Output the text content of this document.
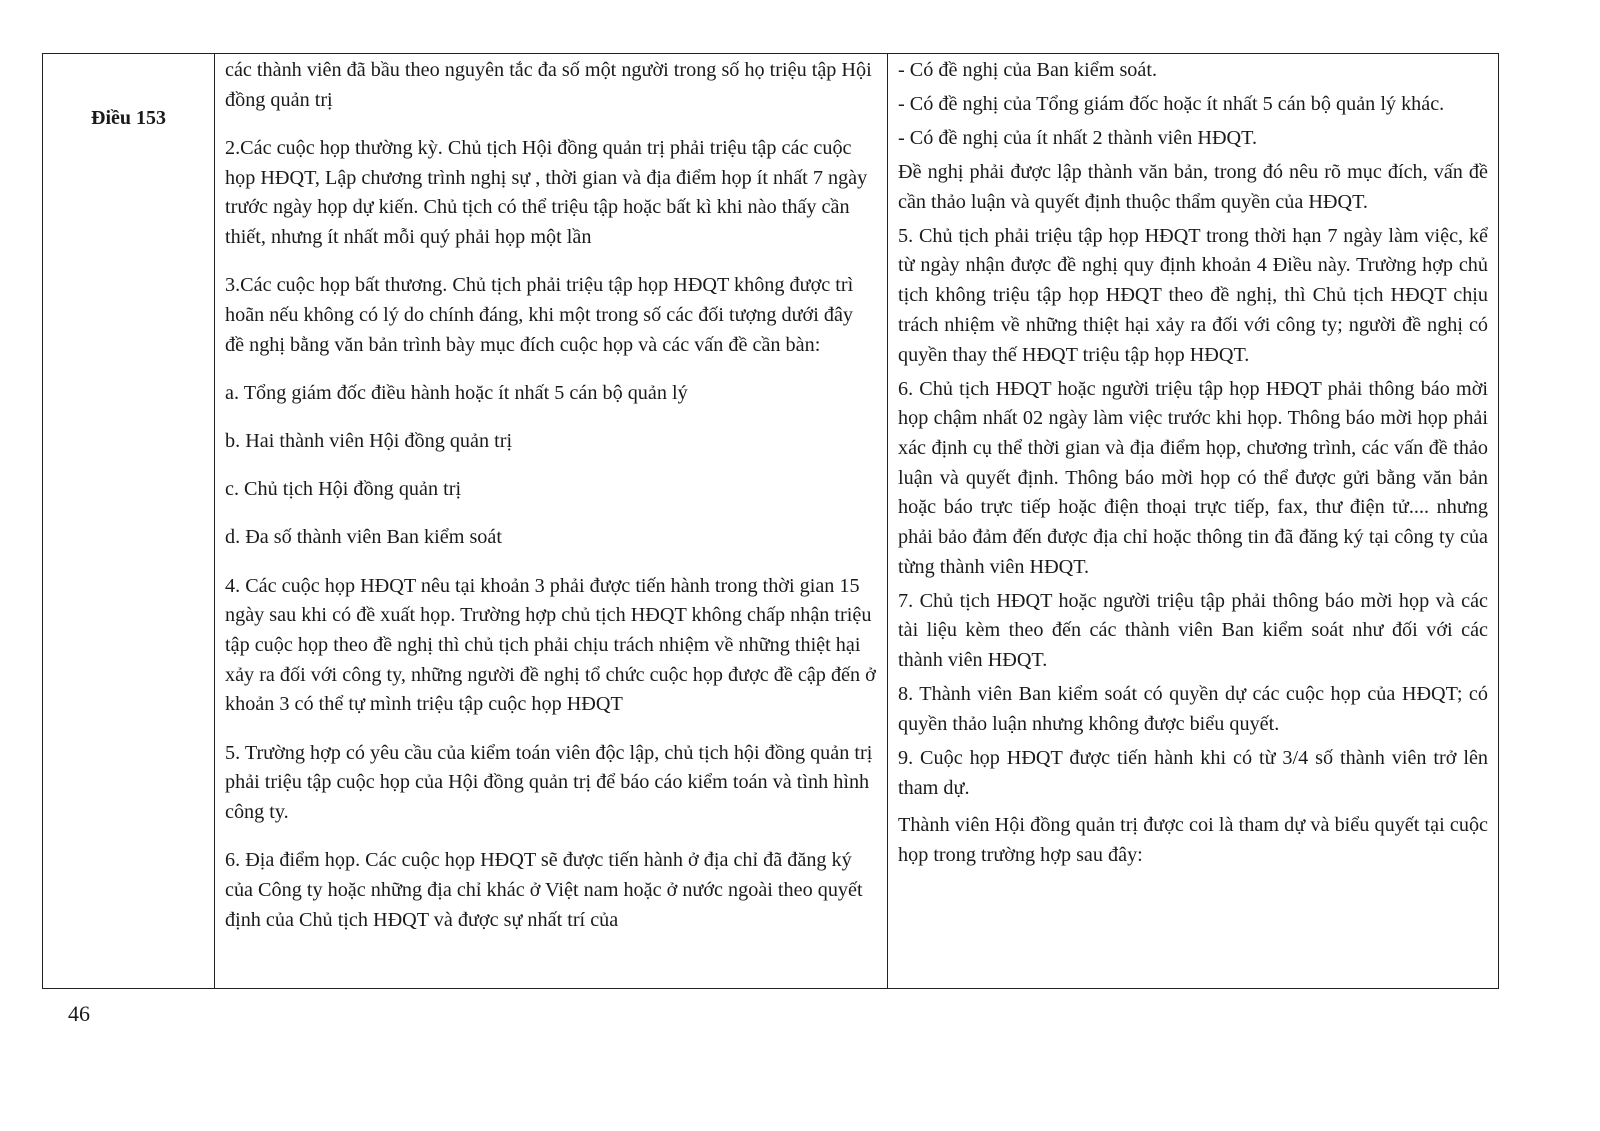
Điều 153

các thành viên đã bầu theo nguyên tắc đa số một người trong số họ triệu tập Hội đồng quản trị

2.Các cuộc họp thường kỳ. Chủ tịch Hội đồng quản trị phải triệu tập các cuộc họp HĐQT, Lập chương trình nghị sự , thời gian và địa điểm họp ít nhất 7 ngày trước ngày họp dự kiến. Chủ tịch có thể triệu tập hoặc bất kì khi nào thấy cần thiết, nhưng ít nhất mỗi quý phải họp một lần

3.Các cuộc họp bất thương. Chủ tịch phải triệu tập họp HĐQT không được trì hoãn nếu không có lý do chính đáng, khi một trong số các đối tượng dưới đây đề nghị bằng văn bản trình bày mục đích cuộc họp và các vấn đề cần bàn:

a. Tổng giám đốc điều hành hoặc ít nhất 5 cán bộ quản lý

b. Hai thành viên Hội đồng quản trị

c. Chủ tịch Hội đồng quản trị

d. Đa số thành viên Ban kiểm soát

4. Các cuộc họp HĐQT nêu tại khoản 3 phải được tiến hành trong thời gian 15 ngày sau khi có đề xuất họp. Trường hợp chủ tịch HĐQT không chấp nhận triệu tập cuộc họp theo đề nghị thì chủ tịch phải chịu trách nhiệm về những thiệt hại xảy ra đối với công ty, những người đề nghị tổ chức cuộc họp được đề cập đến ở khoản 3 có thể tự mình triệu tập cuộc họp HĐQT

5. Trường hợp có yêu cầu của kiểm toán viên độc lập, chủ tịch hội đồng quản trị phải triệu tập cuộc họp của Hội đồng quản trị để báo cáo kiểm toán và tình hình công ty.

6. Địa điểm họp. Các cuộc họp HĐQT sẽ được tiến hành ở địa chỉ đã đăng ký của Công ty hoặc những địa chỉ khác ở Việt nam hoặc ở nước ngoài theo quyết định của Chủ tịch HĐQT và được sự nhất trí của

- Có đề nghị của Ban kiểm soát.

- Có đề nghị của Tổng giám đốc hoặc ít nhất 5 cán bộ quản lý khác.

- Có đề nghị của ít nhất 2 thành viên HĐQT.

Đề nghị phải được lập thành văn bản, trong đó nêu rõ mục đích, vấn đề cần thảo luận và quyết định thuộc thẩm quyền của HĐQT.

5. Chủ tịch phải triệu tập họp HĐQT trong thời hạn 7 ngày làm việc, kể từ ngày nhận được đề nghị quy định khoản 4 Điều này. Trường hợp chủ tịch không triệu tập họp HĐQT theo đề nghị, thì Chủ tịch HĐQT chịu trách nhiệm về những thiệt hại xảy ra đối với công ty; người đề nghị có quyền thay thế HĐQT triệu tập họp HĐQT.

6. Chủ tịch HĐQT hoặc người triệu tập họp HĐQT phải thông báo mời họp chậm nhất 02 ngày làm việc trước khi họp. Thông báo mời họp phải xác định cụ thể thời gian và địa điểm họp, chương trình, các vấn đề thảo luận và quyết định. Thông báo mời họp có thể được gửi bằng văn bản hoặc báo trực tiếp hoặc điện thoại trực tiếp, fax, thư điện tử.... nhưng phải bảo đảm đến được địa chỉ hoặc thông tin đã đăng ký tại công ty của từng thành viên HĐQT.

7. Chủ tịch HĐQT hoặc người triệu tập phải thông báo mời họp và các tài liệu kèm theo đến các thành viên Ban kiểm soát như đối với các thành viên HĐQT.

8. Thành viên Ban kiểm soát có quyền dự các cuộc họp của HĐQT; có quyền thảo luận nhưng không được biểu quyết.

9. Cuộc họp HĐQT được tiến hành khi có từ 3/4 số thành viên trở lên tham dự.

Thành viên Hội đồng quản trị được coi là tham dự và biểu quyết tại cuộc họp trong trường hợp sau đây:

46
